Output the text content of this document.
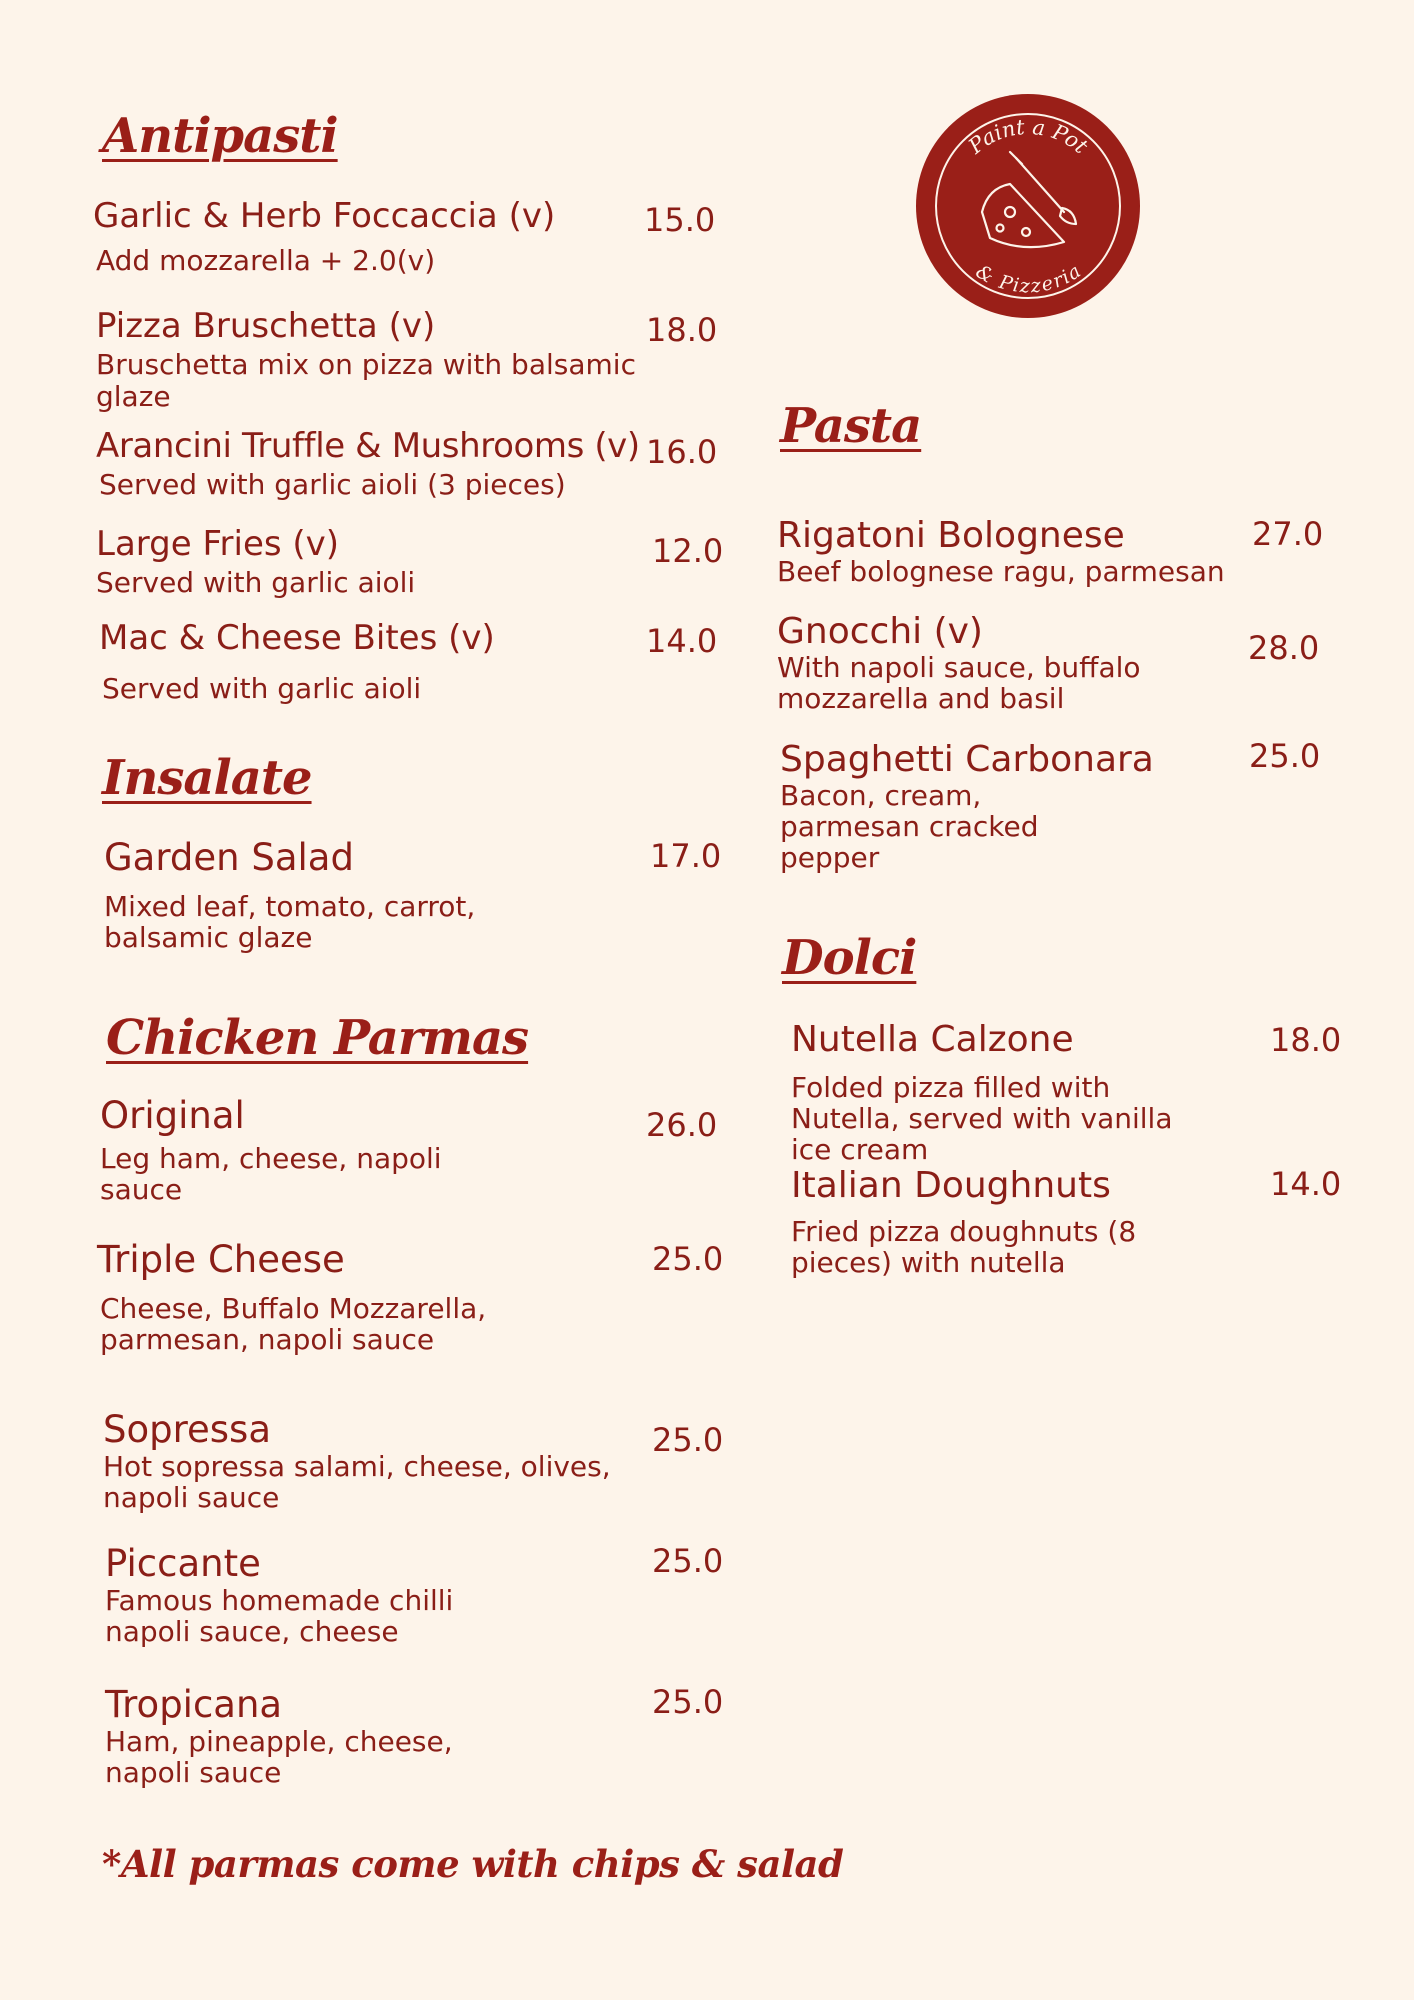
Paint a Pot
& Pizzeria
Antipasti
Garlic & Herb Foccaccia (v)
Add mozzarella + 2.0(v)
15.0
Pizza Bruschetta (v)
Bruschetta mix on pizza with balsamic glaze
18.0
Arancini Truffle & Mushrooms (v)
Served with garlic aioli (3 pieces)
16.0
Large Fries (v)
Served with garlic aioli
12.0
Mac & Cheese Bites (v)
Served with garlic aioli
14.0
Insalate
Garden Salad
Mixed leaf, tomato, carrot, balsamic glaze
17.0
Chicken Parmas
Original
Leg ham, cheese, napoli sauce
26.0
Triple Cheese
Cheese, Buffalo Mozzarella, parmesan, napoli sauce
25.0
Sopressa
Hot sopressa salami, cheese, olives, napoli sauce
25.0
Piccante
Famous homemade chilli napoli sauce, cheese
25.0
Tropicana
Ham, pineapple, cheese, napoli sauce
25.0
*All parmas come with chips & salad
Pasta
Rigatoni Bolognese
Beef bolognese ragu, parmesan
27.0
Gnocchi (v)
With napoli sauce, buffalo mozzarella and basil
28.0
Spaghetti Carbonara
Bacon, cream, parmesan cracked pepper
25.0
Dolci
Nutella Calzone
Folded pizza filled with Nutella, served with vanilla ice cream
18.0
Italian Doughnuts
Fried pizza doughnuts (8 pieces) with nutella
14.0
